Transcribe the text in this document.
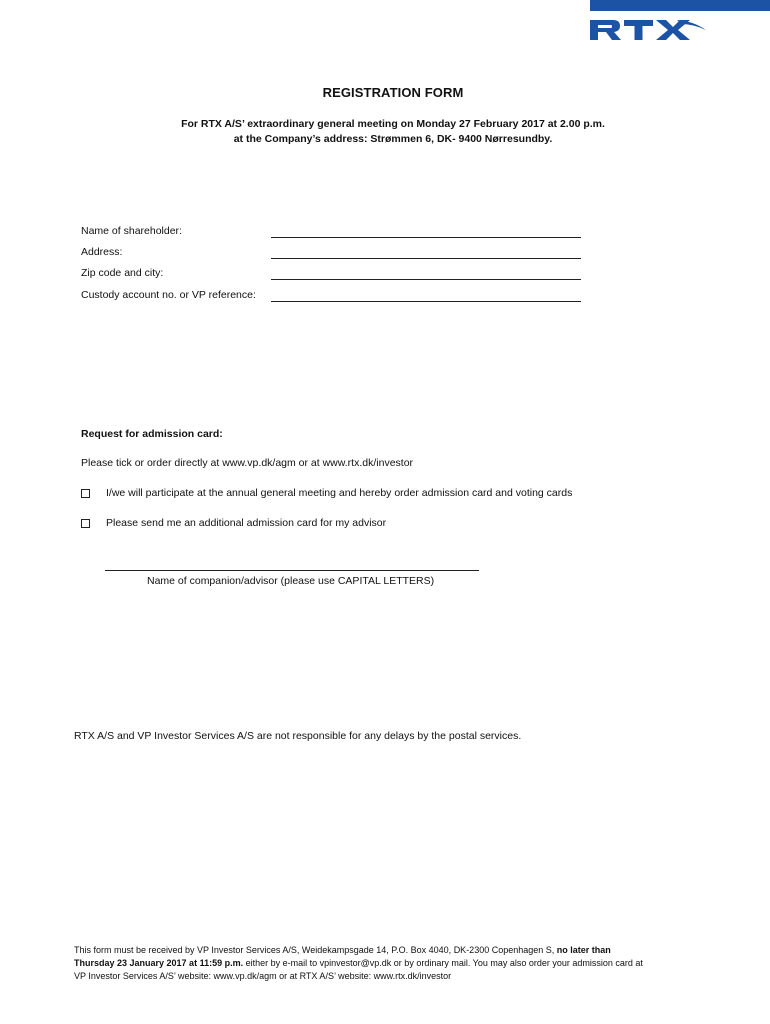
REGISTRATION FORM
For RTX A/S’ extraordinary general meeting on Monday 27 February 2017 at 2.00 p.m.
at the Company’s address: Strømmen 6, DK- 9400 Nørresundby.
Name of shareholder:
Address:
Zip code and city:
Custody account no. or VP reference:
Request for admission card:
Please tick or order directly at www.vp.dk/agm or at www.rtx.dk/investor
I/we will participate at the annual general meeting and hereby order admission card and voting cards
Please send me an additional admission card for my advisor
Name of companion/advisor (please use CAPITAL LETTERS)
RTX A/S and VP Investor Services A/S are not responsible for any delays by the postal services.
This form must be received by VP Investor Services A/S, Weidekampsgade 14, P.O. Box 4040, DK-2300 Copenhagen S, no later than
Thursday 23 January 2017 at 11:59 p.m. either by e-mail to vpinvestor@vp.dk or by ordinary mail. You may also order your admission card at
VP Investor Services A/S’ website: www.vp.dk/agm or at RTX A/S’ website: www.rtx.dk/investor
